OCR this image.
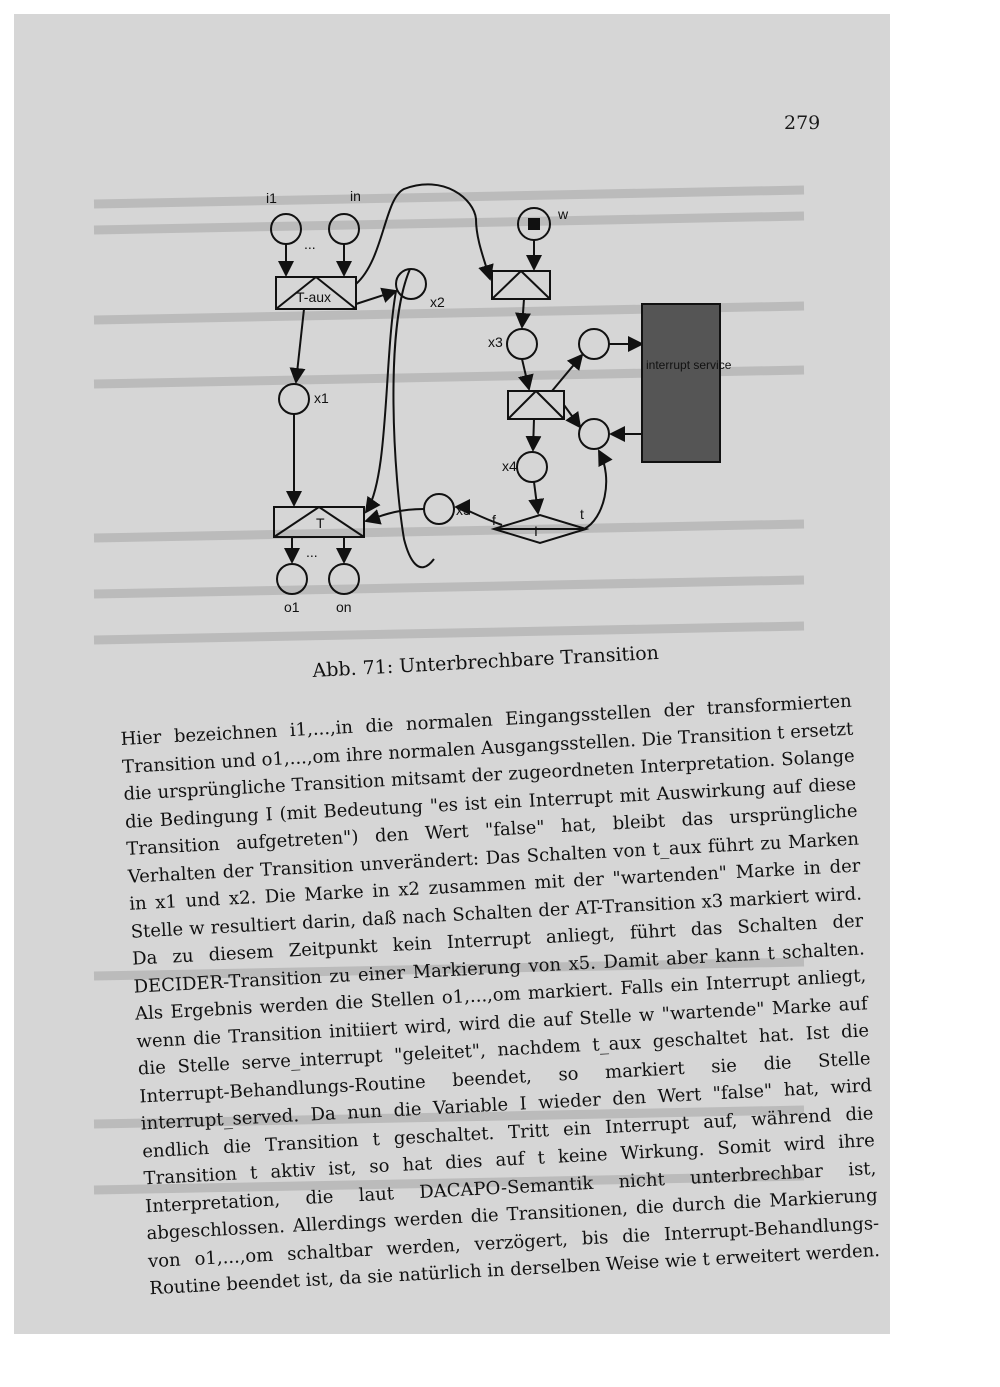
279
i1	in
w
...
T-aux	x2
x3
x1
interrupt service
x4
x5
f
I
t
T
...
o1	on
Abb. 71: Unterbrechbare Transition
Hier bezeichnen i1,...,in die normalen Eingangsstellen der transformierten Transition und o1,...,om ihre normalen Ausgangsstellen. Die Transition t ersetzt die ursprüngliche Transition mitsamt der zugeordneten Interpretation. Solange die Bedingung I (mit Bedeutung "es ist ein Interrupt mit Auswirkung auf diese Transition aufgetreten") den Wert "false" hat, bleibt das ursprüngliche Verhalten der Transition unverändert: Das Schalten von t_aux führt zu Marken in x1 und x2. Die Marke in x2 zusammen mit der "wartenden" Marke in der Stelle w resultiert darin, daß nach Schalten der AT-Transition x3 markiert wird. Da zu diesem Zeitpunkt kein Interrupt anliegt, führt das Schalten der DECIDER-Transition zu einer Markierung von x5. Damit aber kann t schalten. Als Ergebnis werden die Stellen o1,...,om markiert. Falls ein Interrupt anliegt, wenn die Transition initiiert wird, wird die auf Stelle w "wartende" Marke auf die Stelle serve_interrupt "geleitet", nachdem t_aux geschaltet hat. Ist die Interrupt-Behandlungs-Routine beendet, so markiert sie die Stelle interrupt_served. Da nun die Variable I wieder den Wert "false" hat, wird endlich die Transition t geschaltet. Tritt ein Interrupt auf, während die Transition t aktiv ist, so hat dies auf t keine Wirkung. Somit wird ihre Interpretation, die laut DACAPO-Semantik nicht unterbrechbar ist, abgeschlossen. Allerdings werden die Transitionen, die durch die Markierung von o1,...,om schaltbar werden, verzögert, bis die Interrupt-Behandlungs-Routine beendet ist, da sie natürlich in derselben Weise wie t erweitert werden.
